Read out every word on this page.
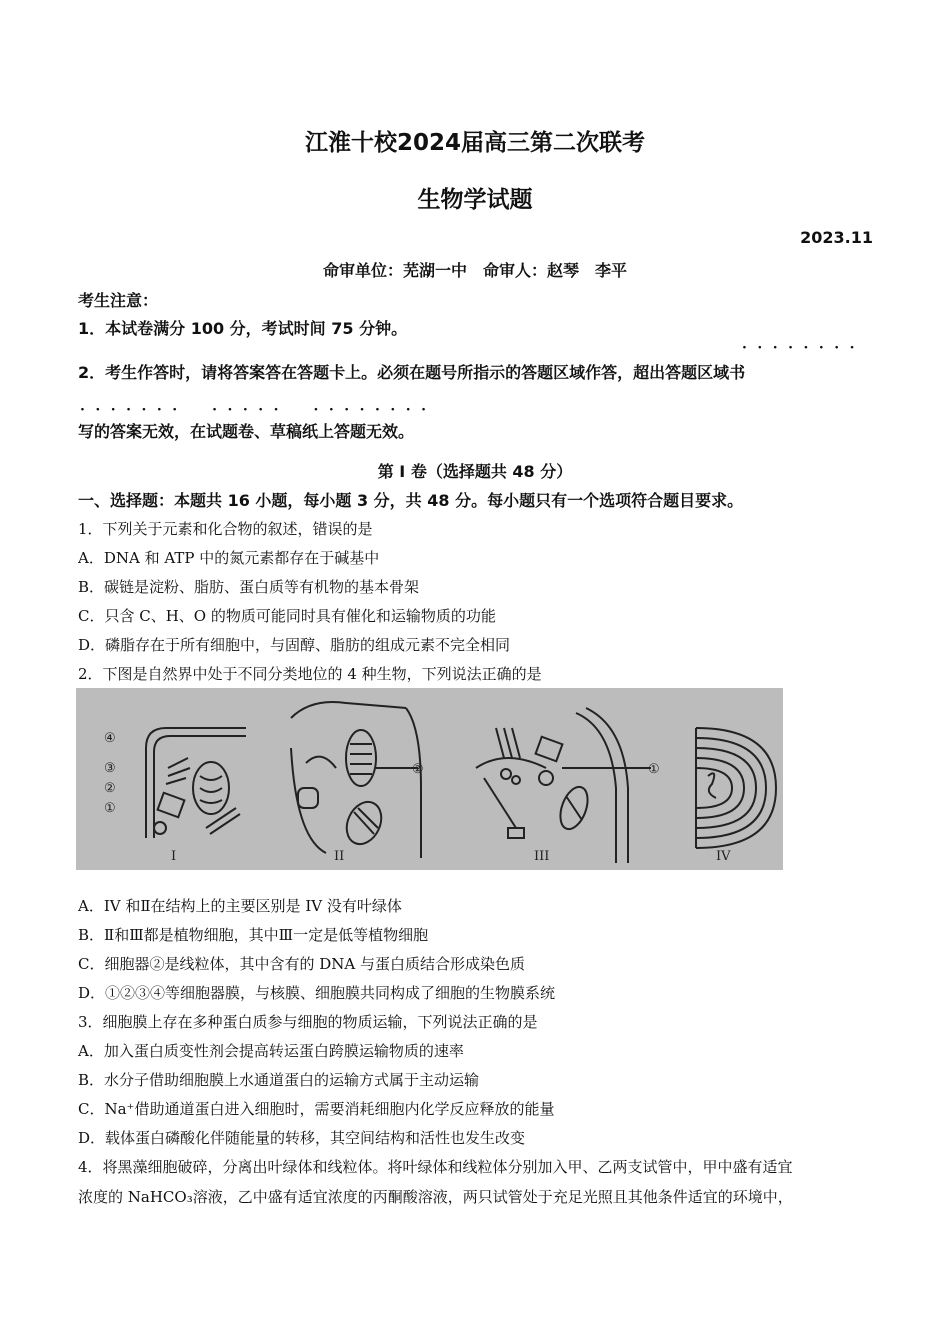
江淮十校2024届高三第二次联考
生物学试题
2023.11
命审单位：芜湖一中　命审人：赵琴　李平
考生注意：
1．本试卷满分 100 分，考试时间 75 分钟。
········
2．考生作答时，请将答案答在答题卡上。必须在题号所指示的答题区域作答，超出答题区域书
·······　·····　········
写的答案无效，在试题卷、草稿纸上答题无效。
第 I 卷（选择题共 48 分）
一、选择题：本题共 16 小题，每小题 3 分，共 48 分。每小题只有一个选项符合题目要求。
1．下列关于元素和化合物的叙述，错误的是
A．DNA 和 ATP 中的氮元素都存在于碱基中
B．碳链是淀粉、脂肪、蛋白质等有机物的基本骨架
C．只含 C、H、O 的物质可能同时具有催化和运输物质的功能
D．磷脂存在于所有细胞中，与固醇、脂肪的组成元素不完全相同
2．下图是自然界中处于不同分类地位的 4 种生物，下列说法正确的是
④
③
②
①
②	①
I	II	III	IV
A．IV 和Ⅱ在结构上的主要区别是 IV 没有叶绿体
B．Ⅱ和Ⅲ都是植物细胞，其中Ⅲ一定是低等植物细胞
C．细胞器②是线粒体，其中含有的 DNA 与蛋白质结合形成染色质
D．①②③④等细胞器膜，与核膜、细胞膜共同构成了细胞的生物膜系统
3．细胞膜上存在多种蛋白质参与细胞的物质运输，下列说法正确的是
A．加入蛋白质变性剂会提高转运蛋白跨膜运输物质的速率
B．水分子借助细胞膜上水通道蛋白的运输方式属于主动运输
C．Na⁺借助通道蛋白进入细胞时，需要消耗细胞内化学反应释放的能量
D．载体蛋白磷酸化伴随能量的转移，其空间结构和活性也发生改变
4．将黑藻细胞破碎，分离出叶绿体和线粒体。将叶绿体和线粒体分别加入甲、乙两支试管中，甲中盛有适宜
浓度的 NaHCO₃溶液，乙中盛有适宜浓度的丙酮酸溶液，两只试管处于充足光照且其他条件适宜的环境中，
